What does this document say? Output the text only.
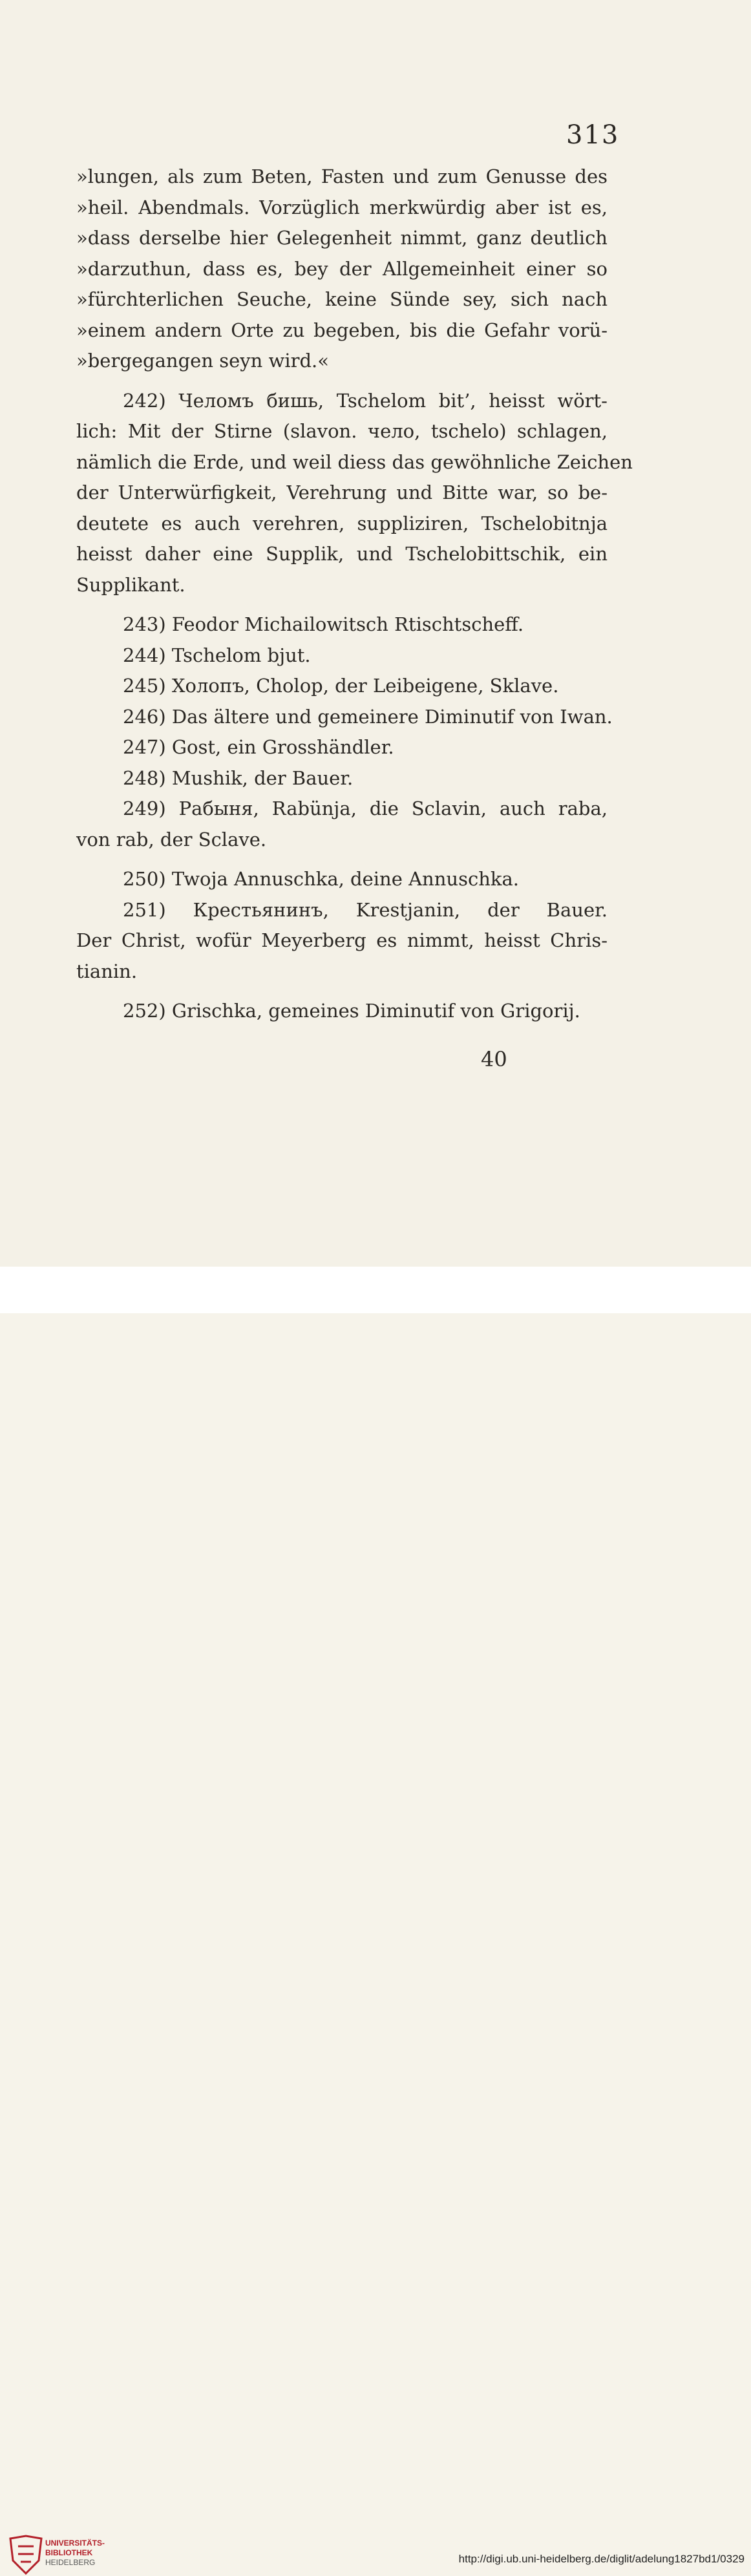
313
»lungen, als zum Beten, Fasten und zum Genusse des
»heil. Abendmals. Vorzüglich merkwürdig aber ist es,
»dass derselbe hier Gelegenheit nimmt, ganz deutlich
»darzuthun, dass es, bey der Allgemeinheit einer so
»fürchterlichen Seuche, keine Sünde sey, sich nach
»einem andern Orte zu begeben, bis die Gefahr vorü-
»bergegangen seyn wird.«
242) Челомъ бишь, Tschelom bit’, heisst wört-
lich: Mit der Stirne (slavon. чело, tschelo) schlagen,
nämlich die Erde, und weil diess das gewöhnliche Zeichen
der Unterwürfigkeit, Verehrung und Bitte war, so be-
deutete es auch verehren, suppliziren, Tschelobitnja
heisst daher eine Supplik, und Tschelobittschik, ein
Supplikant.
243) Feodor Michailowitsch Rtischtscheff.
244) Tschelom bjut.
245) Холопъ, Cholop, der Leibeigene, Sklave.
246) Das ältere und gemeinere Diminutif von Iwan.
247) Gost, ein Grosshändler.
248) Mushik, der Bauer.
249) Рабыня, Rabünja, die Sclavin, auch raba,
von rab, der Sclave.
250) Twoja Annuschka, deine Annuschka.
251) Крестьянинъ, Krestjanin, der Bauer.
Der Christ, wofür Meyerberg es nimmt, heisst Chris-
tianin.
252) Grischka, gemeines Diminutif von Grigorij.
40
UNIVERSITÄTS-
BIBLIOTHEK
HEIDELBERG	http://digi.ub.uni-heidelberg.de/diglit/adelung1827bd1/0329
